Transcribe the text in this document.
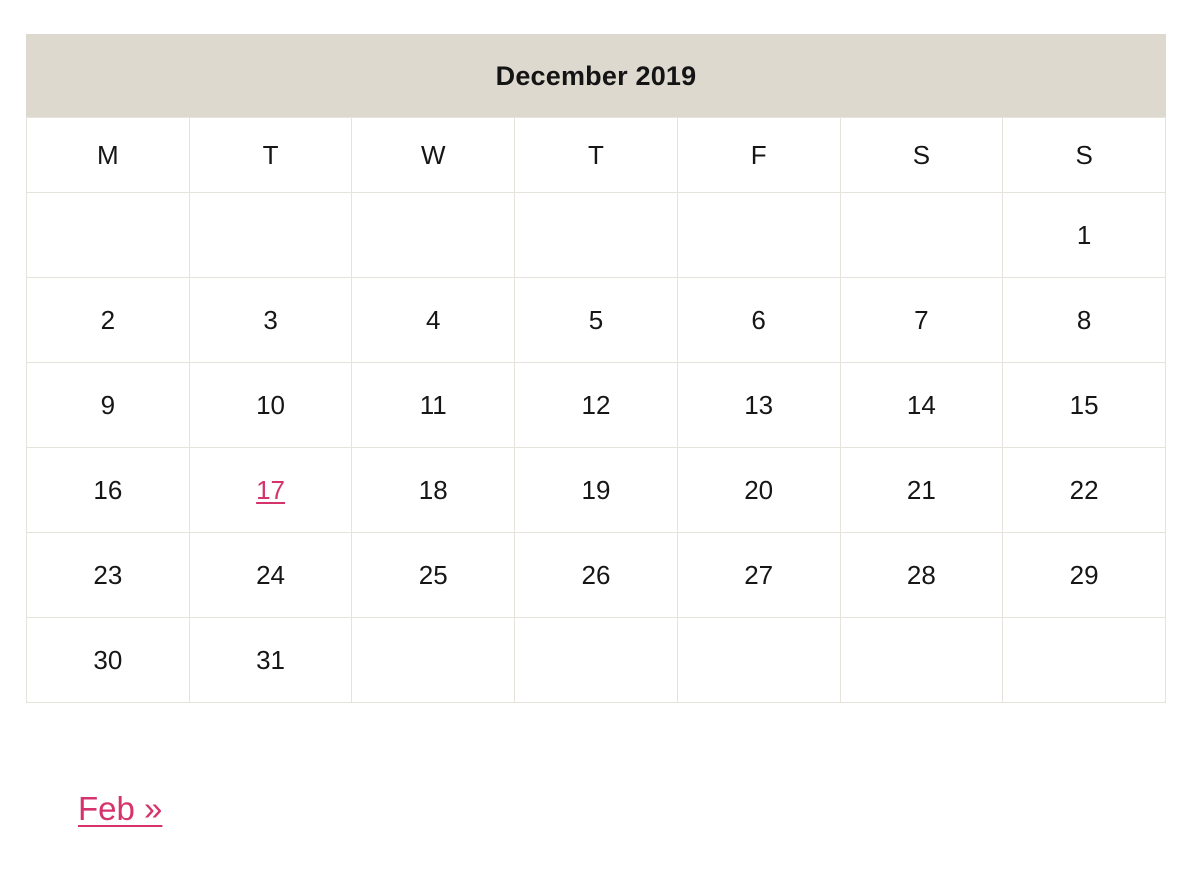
December 2019
M	T	W	T	F	S	S
						1
2	3	4	5	6	7	8
9	10	11	12	13	14	15
16	17	18	19	20	21	22
23	24	25	26	27	28	29
30	31					
Feb »
